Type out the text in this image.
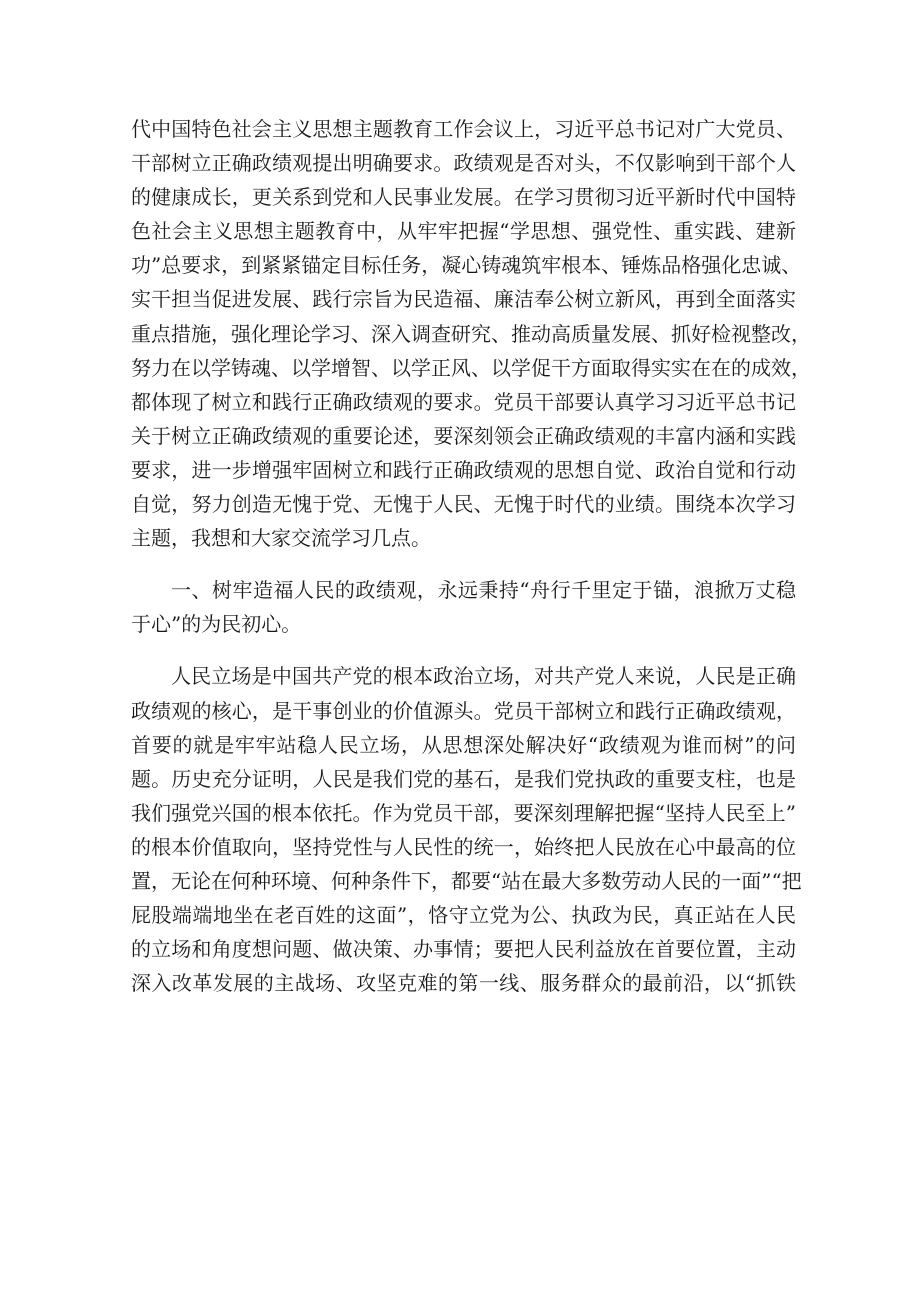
代中国特色社会主义思想主题教育工作会议上，习近平总书记对广大党员、
干部树立正确政绩观提出明确要求。政绩观是否对头，不仅影响到干部个人
的健康成长，更关系到党和人民事业发展。在学习贯彻习近平新时代中国特
色社会主义思想主题教育中，从牢牢把握“学思想、强党性、重实践、建新
功”总要求，到紧紧锚定目标任务，凝心铸魂筑牢根本、锤炼品格强化忠诚、
实干担当促进发展、践行宗旨为民造福、廉洁奉公树立新风，再到全面落实
重点措施，强化理论学习、深入调查研究、推动高质量发展、抓好检视整改，
努力在以学铸魂、以学增智、以学正风、以学促干方面取得实实在在的成效，
都体现了树立和践行正确政绩观的要求。党员干部要认真学习习近平总书记
关于树立正确政绩观的重要论述，要深刻领会正确政绩观的丰富内涵和实践
要求，进一步增强牢固树立和践行正确政绩观的思想自觉、政治自觉和行动
自觉，努力创造无愧于党、无愧于人民、无愧于时代的业绩。围绕本次学习
主题，我想和大家交流学习几点。
一、树牢造福人民的政绩观，永远秉持“舟行千里定于锚，浪掀万丈稳
于心”的为民初心。
人民立场是中国共产党的根本政治立场，对共产党人来说，人民是正确
政绩观的核心，是干事创业的价值源头。党员干部树立和践行正确政绩观，
首要的就是牢牢站稳人民立场，从思想深处解决好“政绩观为谁而树”的问
题。历史充分证明，人民是我们党的基石，是我们党执政的重要支柱，也是
我们强党兴国的根本依托。作为党员干部，要深刻理解把握“坚持人民至上”
的根本价值取向，坚持党性与人民性的统一，始终把人民放在心中最高的位
置，无论在何种环境、何种条件下，都要“站在最大多数劳动人民的一面”“把
屁股端端地坐在老百姓的这面”，恪守立党为公、执政为民，真正站在人民
的立场和角度想问题、做决策、办事情；要把人民利益放在首要位置，主动
深入改革发展的主战场、攻坚克难的第一线、服务群众的最前沿，以“抓铁
